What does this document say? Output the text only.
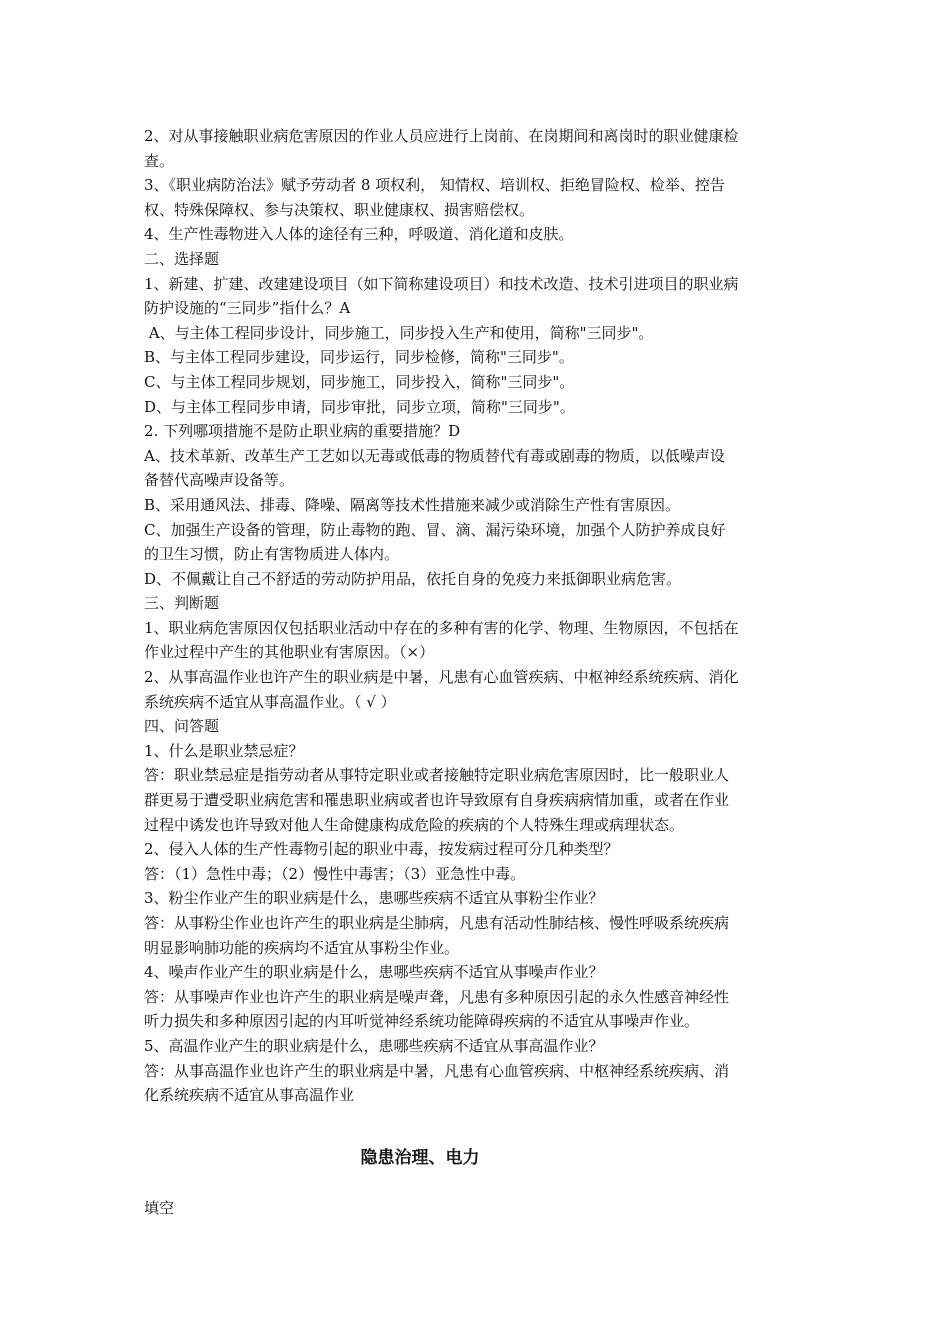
2、对从事接触职业病危害原因的作业人员应进行上岗前、在岗期间和离岗时的职业健康检

查。

3、《职业病防治法》赋予劳动者 8 项权利， 知情权、培训权、拒绝冒险权、检举、控告

权、特殊保障权、参与决策权、职业健康权、损害赔偿权。

4、生产性毒物进入人体的途径有三种，呼吸道、消化道和皮肤。

二、选择题

1、新建、扩建、改建建设项目（如下简称建设项目）和技术改造、技术引进项目的职业病

防护设施的“三同步”指什么？A

A、与主体工程同步设计，同步施工，同步投入生产和使用，简称"三同步"。

B、与主体工程同步建设，同步运行，同步检修，简称"三同步"。

C、与主体工程同步规划，同步施工，同步投入，简称"三同步"。

D、与主体工程同步申请，同步审批，同步立项，简称"三同步"。

2. 下列哪项措施不是防止职业病的重要措施？D

A、技术革新、改革生产工艺如以无毒或低毒的物质替代有毒或剧毒的物质，以低噪声设

备替代高噪声设备等。

B、采用通风法、排毒、降噪、隔离等技术性措施来减少或消除生产性有害原因。

C、加强生产设备的管理，防止毒物的跑、冒、滴、漏污染环境，加强个人防护养成良好

的卫生习惯，防止有害物质进人体内。

D、不佩戴让自己不舒适的劳动防护用品，依托自身的免疫力来抵御职业病危害。

三、判断题

1、职业病危害原因仅包括职业活动中存在的多种有害的化学、物理、生物原因，不包括在

作业过程中产生的其他职业有害原因。（×）

2、从事高温作业也许产生的职业病是中暑，凡患有心血管疾病、中枢神经系统疾病、消化

系统疾病不适宜从事高温作业。（ √ ）

四、问答题

1、什么是职业禁忌症？

答：职业禁忌症是指劳动者从事特定职业或者接触特定职业病危害原因时，比一般职业人

群更易于遭受职业病危害和罹患职业病或者也许导致原有自身疾病病情加重，或者在作业

过程中诱发也许导致对他人生命健康构成危险的疾病的个人特殊生理或病理状态。

2、侵入人体的生产性毒物引起的职业中毒，按发病过程可分几种类型？

答：（1）急性中毒；（2）慢性中毒害；（3）亚急性中毒。

3、粉尘作业产生的职业病是什么，患哪些疾病不适宜从事粉尘作业？

答：从事粉尘作业也许产生的职业病是尘肺病，凡患有活动性肺结核、慢性呼吸系统疾病

明显影响肺功能的疾病均不适宜从事粉尘作业。

4、噪声作业产生的职业病是什么，患哪些疾病不适宜从事噪声作业？

答：从事噪声作业也许产生的职业病是噪声聋，凡患有多种原因引起的永久性感音神经性

听力损失和多种原因引起的内耳听觉神经系统功能障碍疾病的不适宜从事噪声作业。

5、高温作业产生的职业病是什么，患哪些疾病不适宜从事高温作业？

答：从事高温作业也许产生的职业病是中暑，凡患有心血管疾病、中枢神经系统疾病、消

化系统疾病不适宜从事高温作业

隐患治理、电力
填空
